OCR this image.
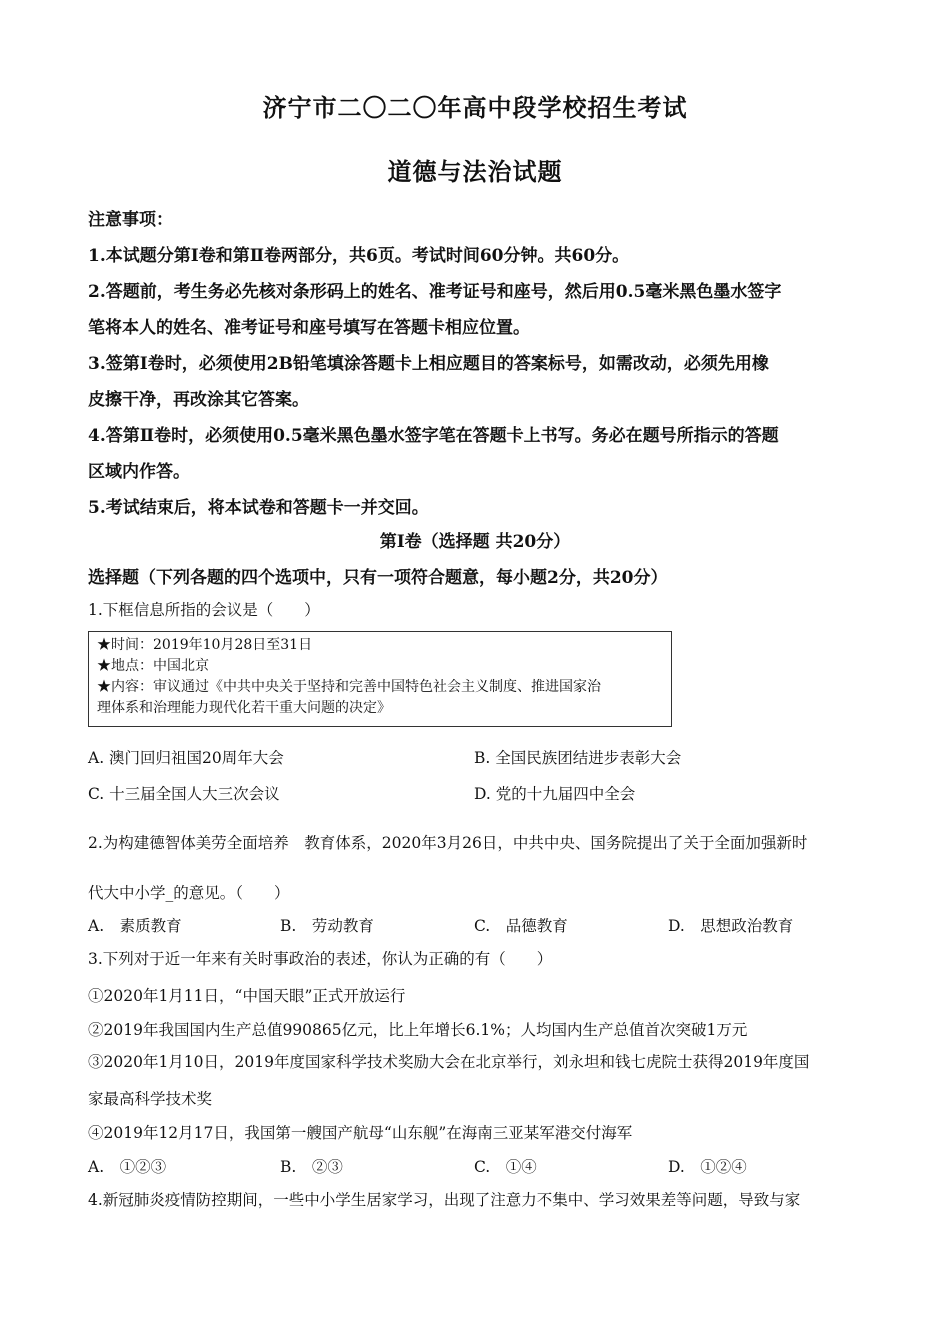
济宁市二〇二〇年高中段学校招生考试
道德与法治试题
注意事项：
1.本试题分第Ⅰ卷和第Ⅱ卷两部分，共6页。考试时间60分钟。共60分。
2.答题前，考生务必先核对条形码上的姓名、准考证号和座号，然后用0.5毫米黑色墨水签字
笔将本人的姓名、准考证号和座号填写在答题卡相应位置。
3.签第Ⅰ卷时，必须使用2B铅笔填涂答题卡上相应题目的答案标号，如需改动，必须先用橡
皮擦干净，再改涂其它答案。
4.答第Ⅱ卷时，必须使用0.5毫米黑色墨水签字笔在答题卡上书写。务必在题号所指示的答题
区域内作答。
5.考试结束后，将本试卷和答题卡一并交回。
第Ⅰ卷（选择题 共20分）
选择题（下列各题的四个选项中，只有一项符合题意，每小题2分，共20分）
1.下框信息所指的会议是（　　）
★时间：2019年10月28日至31日
★地点：中国北京
★内容：审议通过《中共中央关于坚持和完善中国特色社会主义制度、推进国家治
理体系和治理能力现代化若干重大问题的决定》
A. 澳门回归祖国20周年大会	B. 全国民族团结进步表彰大会
C. 十三届全国人大三次会议	D. 党的十九届四中全会
2.为构建德智体美劳全面培养　教育体系，2020年3月26日，中共中央、国务院提出了关于全面加强新时
代大中小学_的意见。（　　）
A.　素质教育	B.　劳动教育	C.　品德教育	D.　思想政治教育
3.下列对于近一年来有关时事政治的表述，你认为正确的有（　　）
①2020年1月11日，“中国天眼”正式开放运行
②2019年我国国内生产总值990865亿元，比上年增长6.1%；人均国内生产总值首次突破1万元
③2020年1月10日，2019年度国家科学技术奖励大会在北京举行，刘永坦和钱七虎院士获得2019年度国
家最高科学技术奖
④2019年12月17日，我国第一艘国产航母“山东舰”在海南三亚某军港交付海军
A.　①②③	B.　②③	C.　①④	D.　①②④
4.新冠肺炎疫情防控期间，一些中小学生居家学习，出现了注意力不集中、学习效果差等问题，导致与家
